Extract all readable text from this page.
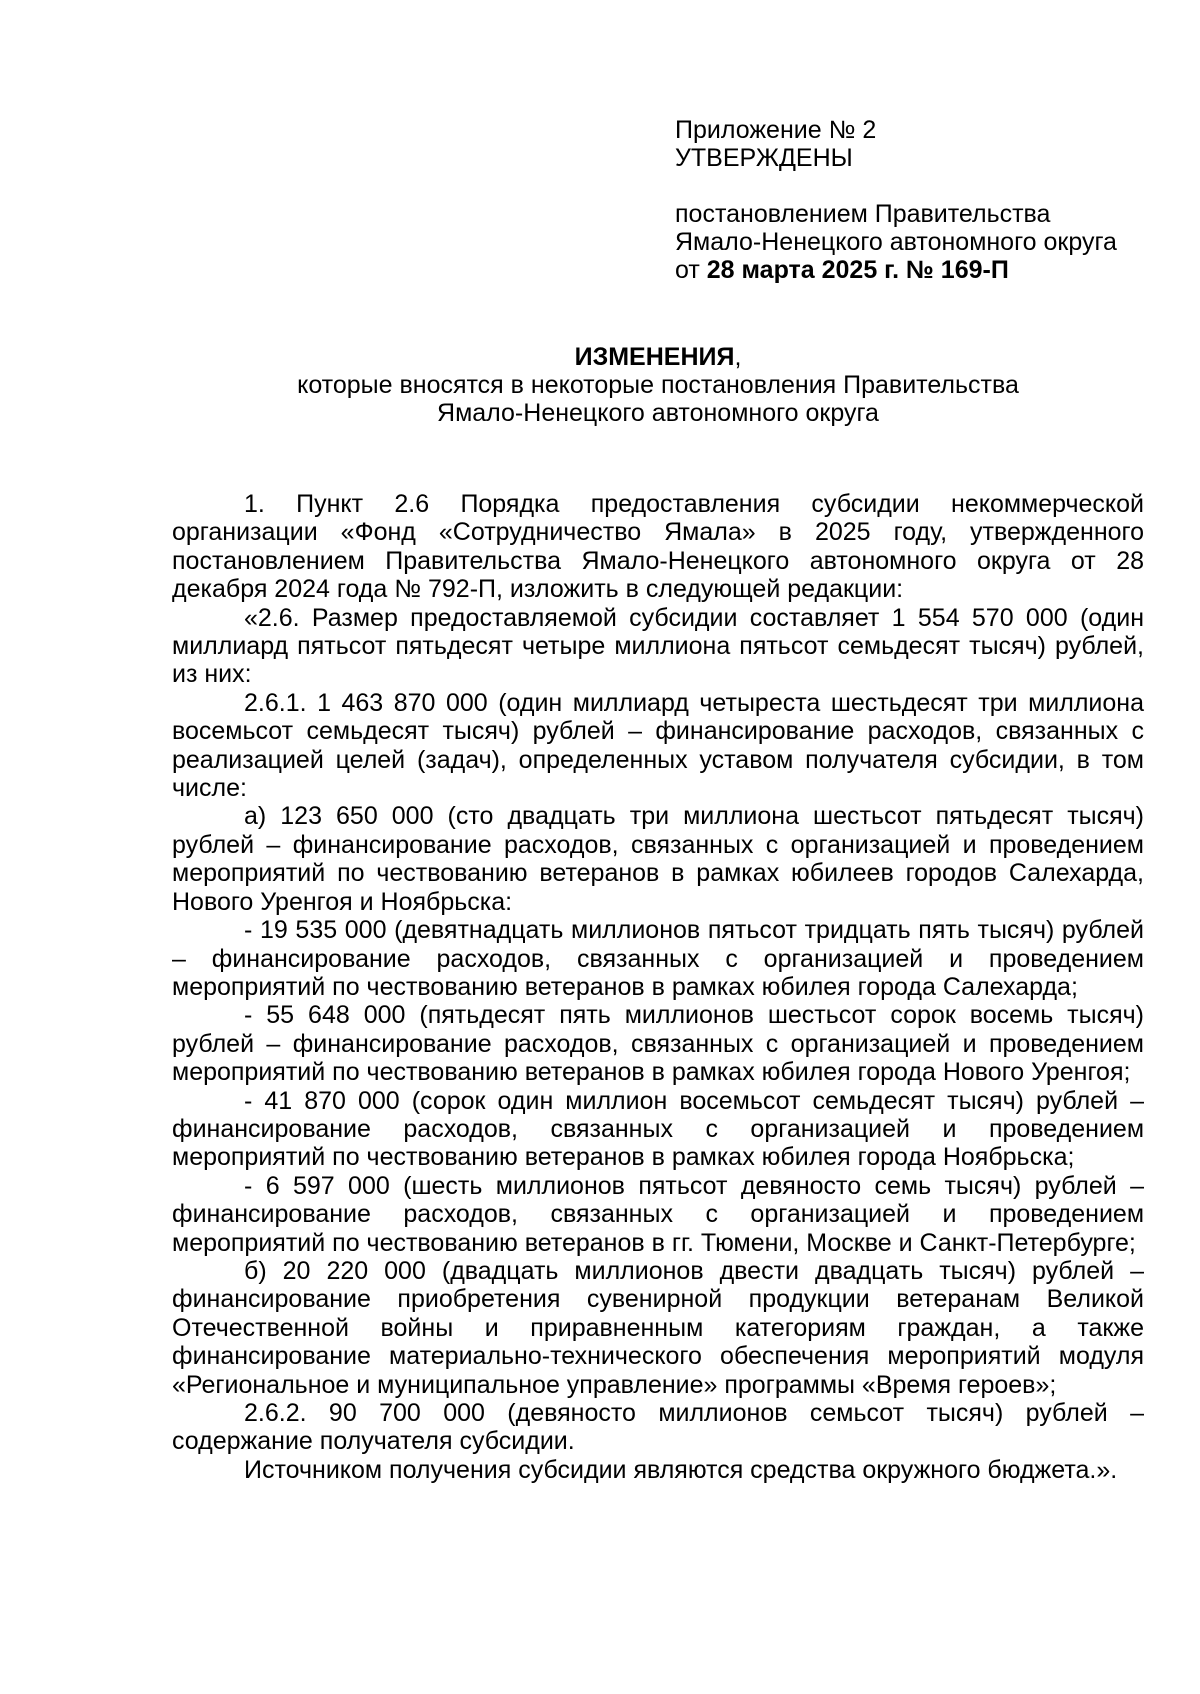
Приложение № 2
УТВЕРЖДЕНЫ
постановлением Правительства
Ямало-Ненецкого автономного округа
от 28 марта 2025 г. № 169-П
ИЗМЕНЕНИЯ,
которые вносятся в некоторые постановления Правительства
Ямало-Ненецкого автономного округа

1. Пункт 2.6 Порядка предоставления субсидии некоммерческой организации «Фонд «Сотрудничество Ямала» в 2025 году, утвержденного постановлением Правительства Ямало-Ненецкого автономного округа от 28 декабря 2024 года № 792-П, изложить в следующей редакции:

«2.6. Размер предоставляемой субсидии составляет 1 554 570 000 (один миллиард пятьсот пятьдесят четыре миллиона пятьсот семьдесят тысяч) рублей, из них:

2.6.1. 1 463 870 000 (один миллиард четыреста шестьдесят три миллиона восемьсот семьдесят тысяч) рублей – финансирование расходов, связанных с реализацией целей (задач), определенных уставом получателя субсидии, в том числе:

а) 123 650 000 (сто двадцать три миллиона шестьсот пятьдесят тысяч) рублей – финансирование расходов, связанных с организацией и проведением мероприятий по чествованию ветеранов в рамках юбилеев городов Салехарда, Нового Уренгоя и Ноябрьска:

- 19 535 000 (девятнадцать миллионов пятьсот тридцать пять тысяч) рублей – финансирование расходов, связанных с организацией и проведением мероприятий по чествованию ветеранов в рамках юбилея города Салехарда;

- 55 648 000 (пятьдесят пять миллионов шестьсот сорок восемь тысяч) рублей – финансирование расходов, связанных с организацией и проведением мероприятий по чествованию ветеранов в рамках юбилея города Нового Уренгоя;

- 41 870 000 (сорок один миллион восемьсот семьдесят тысяч) рублей – финансирование расходов, связанных с организацией и проведением мероприятий по чествованию ветеранов в рамках юбилея города Ноябрьска;

- 6 597 000 (шесть миллионов пятьсот девяносто семь тысяч) рублей – финансирование расходов, связанных с организацией и проведением мероприятий по чествованию ветеранов в гг. Тюмени, Москве и Санкт-Петербурге;

б) 20 220 000 (двадцать миллионов двести двадцать тысяч) рублей – финансирование приобретения сувенирной продукции ветеранам Великой Отечественной войны и приравненным категориям граждан, а также финансирование материально-технического обеспечения мероприятий модуля «Региональное и муниципальное управление» программы «Время героев»;

2.6.2. 90 700 000 (девяносто миллионов семьсот тысяч) рублей – содержание получателя субсидии.

Источником получения субсидии являются средства окружного бюджета.».
